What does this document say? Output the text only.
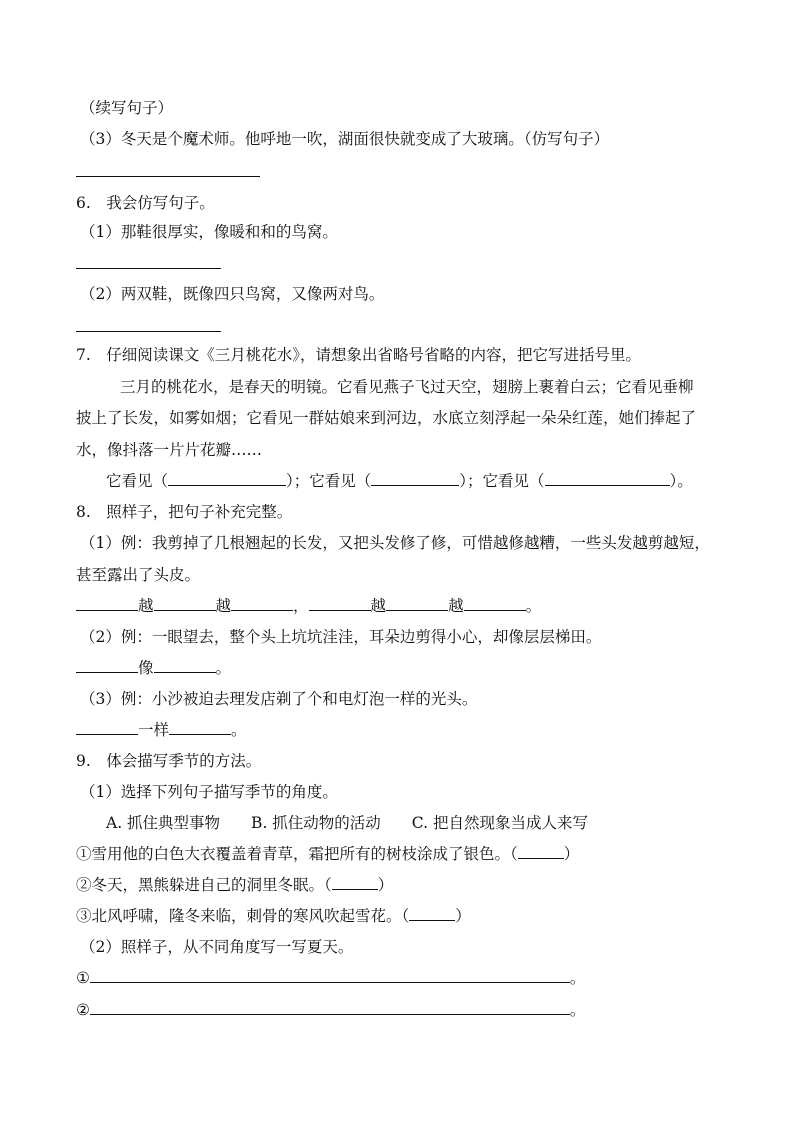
（续写句子）
（3）冬天是个魔术师。他呼地一吹，湖面很快就变成了大玻璃。（仿写句子）
6.　我会仿写句子。
（1）那鞋很厚实，像暖和和的鸟窝。
（2）两双鞋，既像四只鸟窝，又像两对鸟。
7.　仔细阅读课文《三月桃花水》，请想象出省略号省略的内容，把它写进括号里。
三月的桃花水，是春天的明镜。它看见燕子飞过天空，翅膀上裹着白云；它看见垂柳
披上了长发，如雾如烟；它看见一群姑娘来到河边，水底立刻浮起一朵朵红莲，她们捧起了
水，像抖落一片片花瓣……
它看见（	）；它看见（	）；它看见（	）。
8.　照样子，把句子补充完整。
（1）例：我剪掉了几根翘起的长发，又把头发修了修，可惜越修越糟，一些头发越剪越短，
甚至露出了头皮。
越	越	，	越	越	。
（2）例：一眼望去，整个头上坑坑洼洼，耳朵边剪得小心，却像层层梯田。
像	。
（3）例：小沙被迫去理发店剃了个和电灯泡一样的光头。
一样	。
9.　体会描写季节的方法。
（1）选择下列句子描写季节的角度。
A. 抓住典型事物　　B. 抓住动物的活动　　C. 把自然现象当成人来写
①雪用他的白色大衣覆盖着青草，霜把所有的树枝涂成了银色。（	）
②冬天，黑熊躲进自己的洞里冬眠。（	）
③北风呼啸，隆冬来临，刺骨的寒风吹起雪花。（	）
（2）照样子，从不同角度写一写夏天。
①	。
②	。
